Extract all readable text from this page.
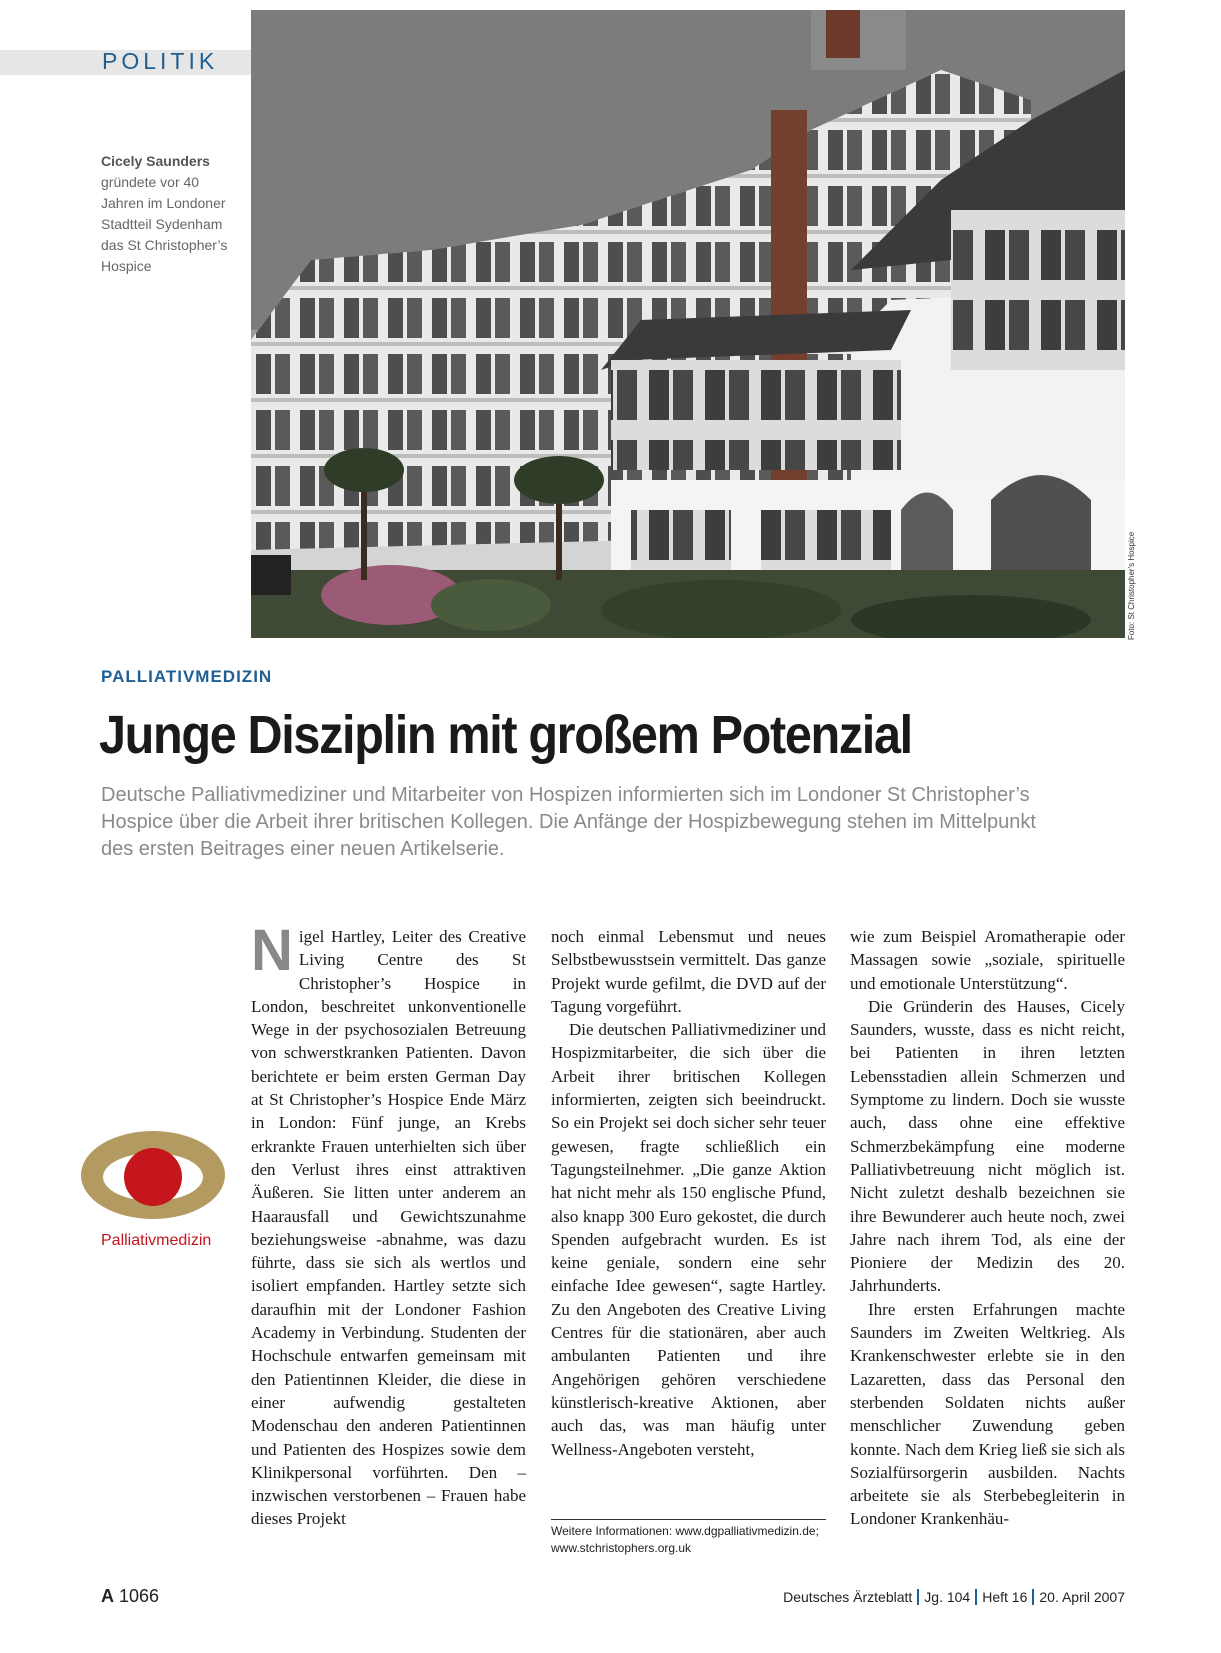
POLITIK
Foto: St Christopher's Hospice
Cicely Saunders
gründete vor 40 Jahren im Londoner Stadtteil Sydenham das St Christopher’s Hospice
PALLIATIVMEDIZIN
Junge Disziplin mit großem Potenzial
Deutsche Palliativmediziner und Mitarbeiter von Hospizen informierten sich im Londoner St Christopher’s Hospice über die Arbeit ihrer britischen Kollegen. Die Anfänge der Hospizbewegung stehen im Mittelpunkt des ersten Beitrages einer neuen Artikelserie.
Palliativmedizin

Nigel Hartley, Leiter des Creative Living Centre des St Christopher’s Hospice in London, beschreitet unkonventionelle Wege in der psychosozialen Betreuung von schwerstkranken Patienten. Davon berichtete er beim ersten German Day at St Christopher’s Hospice Ende März in London: Fünf junge, an Krebs erkrankte Frauen unterhielten sich über den Verlust ihres einst attraktiven Äußeren. Sie litten unter anderem an Haarausfall und Gewichtszunahme beziehungsweise -abnahme, was dazu führte, dass sie sich als wertlos und isoliert empfanden. Hartley setzte sich daraufhin mit der Londoner Fashion Academy in Verbindung. Studenten der Hochschule entwarfen gemeinsam mit den Patientinnen Kleider, die diese in einer aufwendig gestalteten Modenschau den anderen Patientinnen und Patienten des Hospizes sowie dem Klinikpersonal vorführten. Den – inzwischen verstorbenen – Frauen habe dieses Projekt

noch einmal Lebensmut und neues Selbstbewusstsein vermittelt. Das ganze Projekt wurde gefilmt, die DVD auf der Tagung vorgeführt.

Die deutschen Palliativmediziner und Hospizmitarbeiter, die sich über die Arbeit ihrer britischen Kollegen informierten, zeigten sich beeindruckt. So ein Projekt sei doch sicher sehr teuer gewesen, fragte schließlich ein Tagungsteilnehmer. „Die ganze Aktion hat nicht mehr als 150 englische Pfund, also knapp 300 Euro gekostet, die durch Spenden aufgebracht wurden. Es ist keine geniale, sondern eine sehr einfache Idee gewesen“, sagte Hartley. Zu den Angeboten des Creative Living Centres für die stationären, aber auch ambulanten Patienten und ihre Angehörigen gehören verschiedene künstlerisch-kreative Aktionen, aber auch das, was man häufig unter Wellness-Angeboten versteht,

wie zum Beispiel Aromatherapie oder Massagen sowie „soziale, spirituelle und emotionale Unterstützung“.

Die Gründerin des Hauses, Cicely Saunders, wusste, dass es nicht reicht, bei Patienten in ihren letzten Lebensstadien allein Schmerzen und Symptome zu lindern. Doch sie wusste auch, dass ohne eine effektive Schmerzbekämpfung eine moderne Palliativbetreuung nicht möglich ist. Nicht zuletzt deshalb bezeichnen sie ihre Bewunderer auch heute noch, zwei Jahre nach ihrem Tod, als eine der Pioniere der Medizin des 20. Jahrhunderts.

Ihre ersten Erfahrungen machte Saunders im Zweiten Weltkrieg. Als Krankenschwester erlebte sie in den Lazaretten, dass das Personal den sterbenden Soldaten nichts außer menschlicher Zuwendung geben konnte. Nach dem Krieg ließ sie sich als Sozialfürsorgerin ausbilden. Nachts arbeitete sie als Sterbebegleiterin in Londoner Krankenhäu-

Weitere Informationen: www.dgpalliativmedizin.de;
www.stchristophers.org.uk
A 1066	Deutsches Ärzteblatt Jg. 104 Heft 16 20. April 2007
